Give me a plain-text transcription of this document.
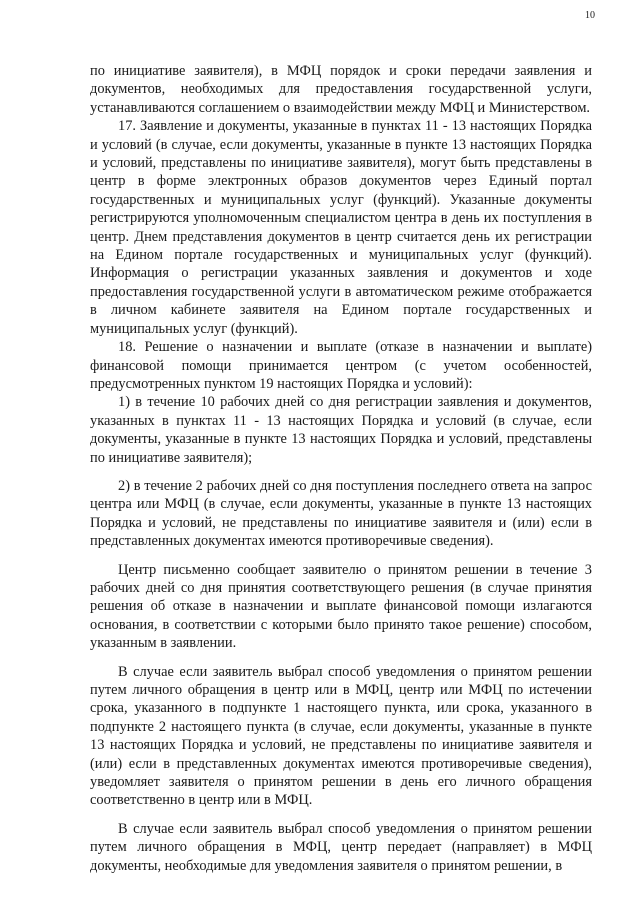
10

по инициативе заявителя), в МФЦ порядок и сроки передачи заявления и документов, необходимых для предоставления государственной услуги, устанавливаются соглашением о взаимодействии между МФЦ и Министерством.

17. Заявление и документы, указанные в пунктах 11 - 13 настоящих Порядка и условий (в случае, если документы, указанные в пункте 13 настоящих Порядка и условий, представлены по инициативе заявителя), могут быть представлены в центр в форме электронных образов документов через Единый портал государственных и муниципальных услуг (функций). Указанные документы регистрируются уполномоченным специалистом центра в день их поступления в центр. Днем представления документов в центр считается день их регистрации на Едином портале государственных и муниципальных услуг (функций). Информация о регистрации указанных заявления и документов и ходе предоставления государственной услуги в автоматическом режиме отображается в личном кабинете заявителя на Едином портале государственных и муниципальных услуг (функций).

18. Решение о назначении и выплате (отказе в назначении и выплате) финансовой помощи принимается центром (с учетом особенностей, предусмотренных пунктом 19 настоящих Порядка и условий):

1) в течение 10 рабочих дней со дня регистрации заявления и документов, указанных в пунктах 11 - 13 настоящих Порядка и условий (в случае, если документы, указанные в пункте 13 настоящих Порядка и условий, представлены по инициативе заявителя);

2) в течение 2 рабочих дней со дня поступления последнего ответа на запрос центра или МФЦ (в случае, если документы, указанные в пункте 13 настоящих Порядка и условий, не представлены по инициативе заявителя и (или) если в представленных документах имеются противоречивые сведения).

Центр письменно сообщает заявителю о принятом решении в течение 3 рабочих дней со дня принятия соответствующего решения (в случае принятия решения об отказе в назначении и выплате финансовой помощи излагаются основания, в соответствии с которыми было принято такое решение) способом, указанным в заявлении.

В случае если заявитель выбрал способ уведомления о принятом решении путем личного обращения в центр или в МФЦ, центр или МФЦ по истечении срока, указанного в подпункте 1 настоящего пункта, или срока, указанного в подпункте 2 настоящего пункта (в случае, если документы, указанные в пункте 13 настоящих Порядка и условий, не представлены по инициативе заявителя и (или) если в представленных документах имеются противоречивые сведения), уведомляет заявителя о принятом решении в день его личного обращения соответственно в центр или в МФЦ.

В случае если заявитель выбрал способ уведомления о принятом решении путем личного обращения в МФЦ, центр передает (направляет) в МФЦ документы, необходимые для уведомления заявителя о принятом решении, в
